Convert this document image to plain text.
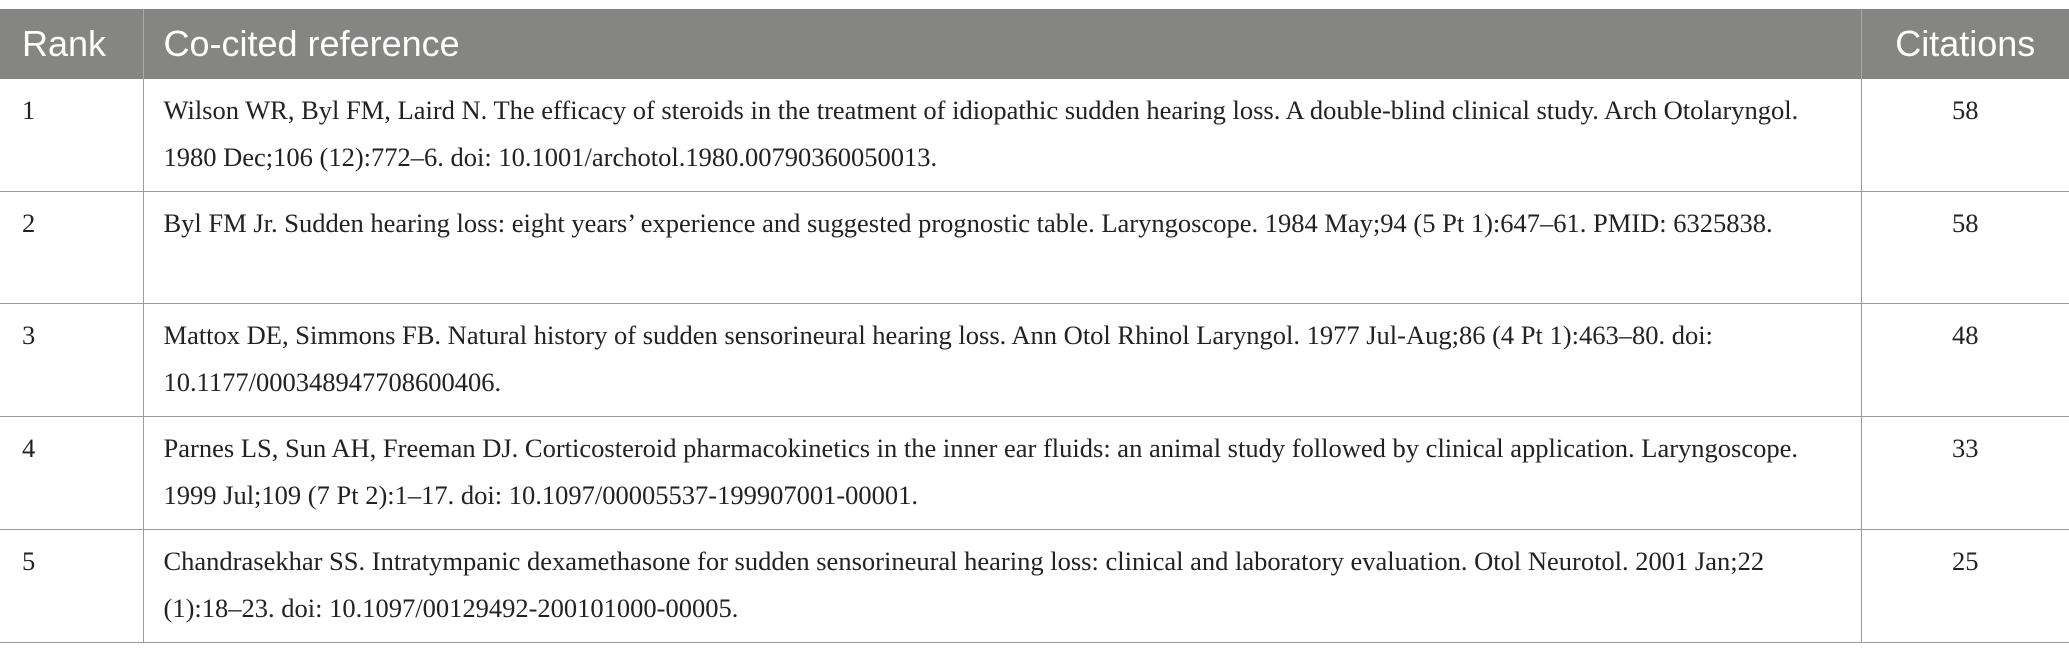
Rank	Co-cited reference	Citations
1	Wilson WR, Byl FM, Laird N. The efficacy of steroids in the treatment of idiopathic sudden hearing loss. A double-blind clinical study. Arch Otolaryngol. 1980 Dec;106 (12):772–6. doi: 10.1001/archotol.1980.00790360050013.	58
2	Byl FM Jr. Sudden hearing loss: eight years’ experience and suggested prognostic table. Laryngoscope. 1984 May;94 (5 Pt 1):647–61. PMID: 6325838.	58
3	Mattox DE, Simmons FB. Natural history of sudden sensorineural hearing loss. Ann Otol Rhinol Laryngol. 1977 Jul-Aug;86 (4 Pt 1):463–80. doi: 10.1177/000348947708600406.	48
4	Parnes LS, Sun AH, Freeman DJ. Corticosteroid pharmacokinetics in the inner ear fluids: an animal study followed by clinical application. Laryngoscope. 1999 Jul;109 (7 Pt 2):1–17. doi: 10.1097/00005537-199907001-00001.	33
5	Chandrasekhar SS. Intratympanic dexamethasone for sudden sensorineural hearing loss: clinical and laboratory evaluation. Otol Neurotol. 2001 Jan;22 (1):18–23. doi: 10.1097/00129492-200101000-00005.	25
